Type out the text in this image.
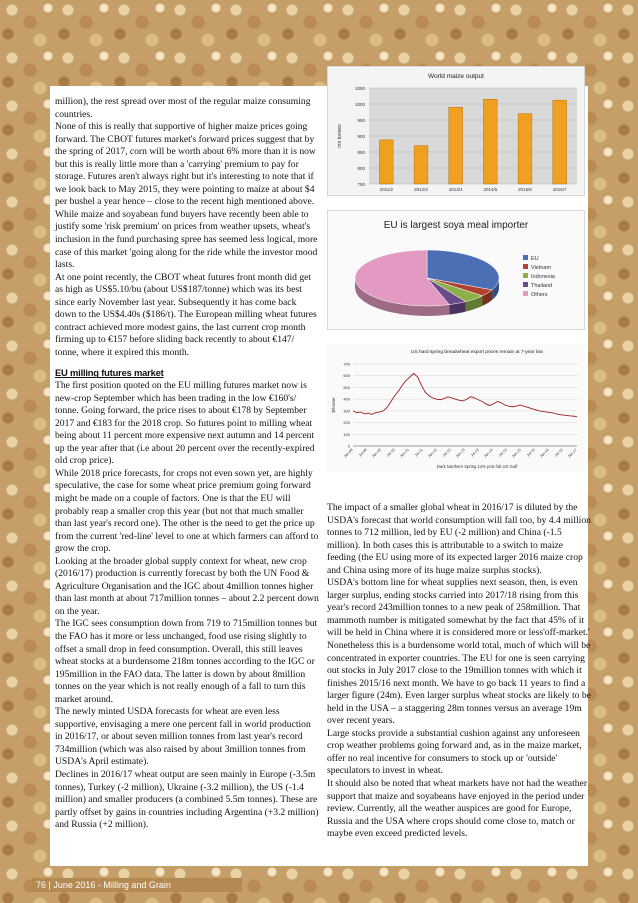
million), the rest spread over most of the regular maize consuming countries.

None of this is really that supportive of higher maize prices going forward. The CBOT futures market's forward prices suggest that by the spring of 2017, corn will be worth about 6% more than it is now but this is really little more than a 'carrying' premium to pay for storage. Futures aren't always right but it's interesting to note that if we look back to May 2015, they were pointing to maize at about $4 per bushel a year hence – close to the recent high mentioned above.

While maize and soyabean fund buyers have recently been able to justify some 'risk premium' on prices from weather upsets, wheat's inclusion in the fund purchasing spree has seemed less logical, more case of this market 'going along for the ride while the investor mood lasts.

At one point recently, the CBOT wheat futures front month did get as high as US$5.10/bu (about US$187/tonne) which was its best since early November last year. Subsequently it has come back down to the US$4.40s ($186/t). The European milling wheat futures contract achieved more modest gains, the last current crop month firming up to €157 before sliding back recently to about €147/ tonne, where it expired this month.

EU milling futures market

The first position quoted on the EU milling futures market now is new-crop September which has been trading in the low €160's/ tonne. Going forward, the price rises to about €178 by September 2017 and €183 for the 2018 crop. So futures point to milling wheat being about 11 percent more expensive next autumn and 14 percent up the year after that (i.e about 20 percent over the recently-expired old crop price).

While 2018 price forecasts, for crops not even sown yet, are highly speculative, the case for some wheat price premium going forward might be made on a couple of factors. One is that the EU will probably reap a smaller crop this year (but not that much smaller than last year's record one). The other is the need to get the price up from the current 'red-line' level to one at which farmers can afford to grow the crop.

Looking at the broader global supply context for wheat, new crop (2016/17) production is currently forecast by both the UN Food & Agriculture Organisation and the IGC about 4million tonnes higher than last month at about 717million tonnes – about 2.2 percent down on the year.

The IGC sees consumption down from 719 to 715million tonnes but the FAO has it more or less unchanged, food use rising slightly to offset a small drop in feed consumption. Overall, this still leaves wheat stocks at a burdensome 218m tonnes according to the IGC or 195million in the FAO data. The latter is down by about 8million tonnes on the year which is not really enough of a fall to turn this market around.

The newly minted USDA forecasts for wheat are even less supportive, envisaging a mere one percent fall in world production in 2016/17, or about seven million tonnes from last year's record 734million (which was also raised by about 3million tonnes from USDA's April estimate).

Declines in 2016/17 wheat output are seen mainly in Europe (-3.5m tonnes), Turkey (-2 million), Ukraine (-3.2 million), the US (-1.4 million) and smaller producers (a combined 5.5m tonnes). These are partly offset by gains in countries including Argentina (+3.2 million) and Russia (+2 million).

The impact of a smaller global wheat in 2016/17 is diluted by the USDA's forecast that world consumption will fall too, by 4.4 million tonnes to 712 million, led by EU (-2 million) and China (-1.5 million). In both cases this is attributable to a switch to maize feeding (the EU using more of its expected larger 2016 maize crop and China using more of its huge maize surplus stocks).

USDA's bottom line for wheat supplies next season, then, is even larger surplus, ending stocks carried into 2017/18 rising from this year's record 243million tonnes to a new peak of 258million. That mammoth number is mitigated somewhat by the fact that 45% of it will be held in China where it is considered more or less'off-market.' Nonetheless this is a burdensome world total, much of which will be concentrated in exporter countries. The EU for one is seen carrying out stocks in July 2017 close to the 19million tonnes with which it finishes 2015/16 next month. We have to go back 11 years to find a larger figure (24m). Even larger surplus wheat stocks are likely to be held in the USA – a staggering 28m tonnes versus an average 19m over recent years.

Large stocks provide a substantial cushion against any unforeseen crop weather problems going forward and, as in the maize market, offer no real incentive for consumers to stock up or 'outside' speculators to invest in wheat.

It should also be noted that wheat markets have not had the weather support that maize and soyabeans have enjoyed in the period under review. Currently, all the weather auspices are good for Europe, Russia and the USA where crops should come close to, match or maybe even exceed predicted levels.

World maize output
750
800
850
900
950
1000
1050
mn tonnes
2011/2	2012/3	2013/4	2014/5	2015/6	2016/7
EU is largest soya meal importer
EU
Vietnam
Indonesia
Thailand
Others
US hard spring breadwheat export prices remain at 7-year low
0
100
200
300
400
500
600
700
$/tonne
Jan-09 Jul-09 Jan-10 Jul-10 Jan-11 Jul-11 Jan-12 Jul-12 Jan-13 Jul-13 Jan-14 Jul-14 Jan-15 Jul-15 Jan-16 Jul-16 Jan-17
Dark Northern Spring 14% prot fob US Gulf
76 | June 2016 - Milling and Grain
